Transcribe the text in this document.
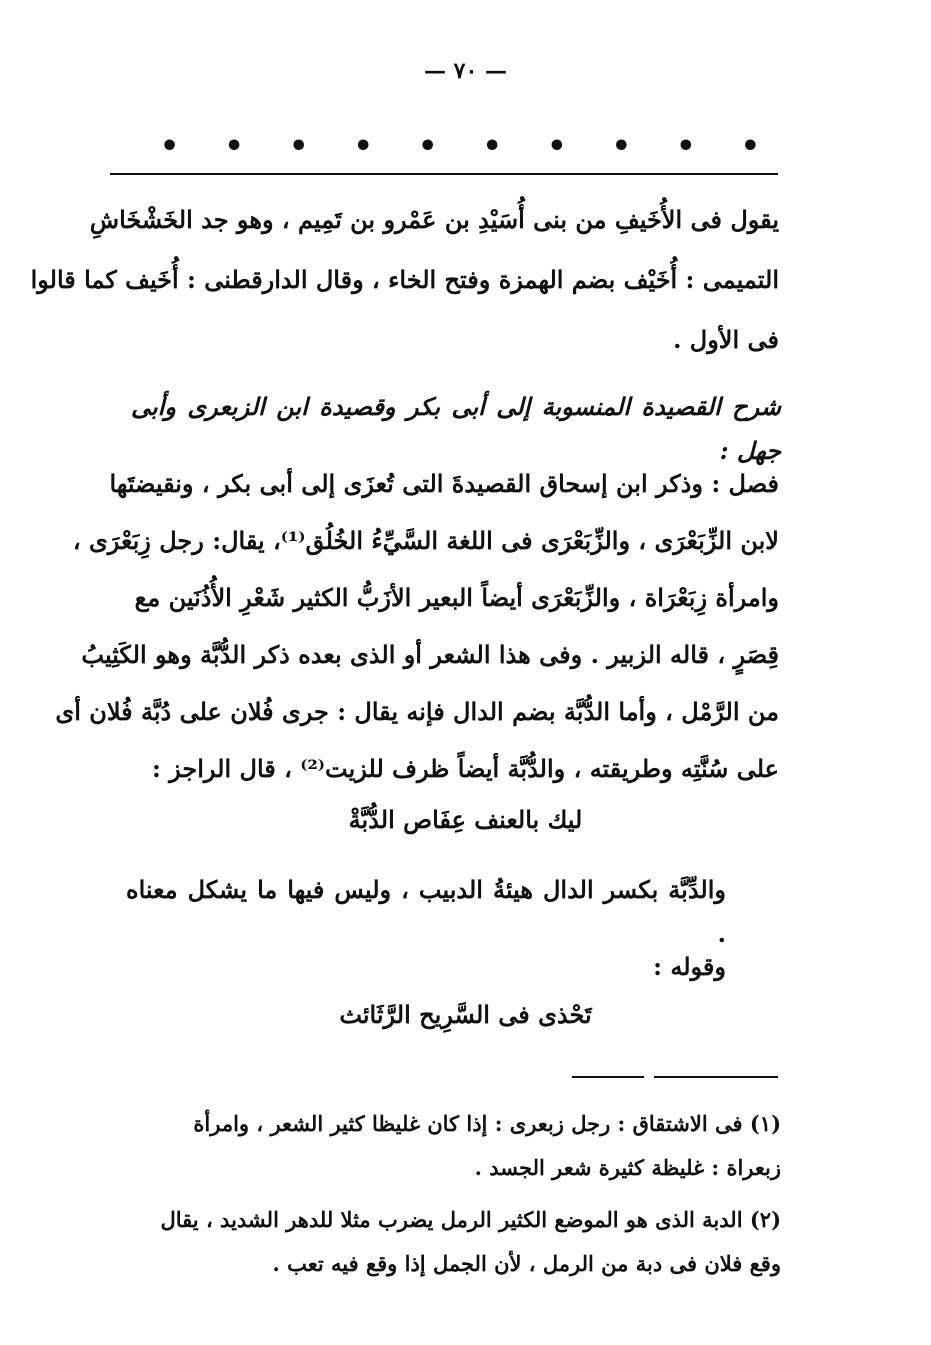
— ٧٠ —
• • • • • • • • • •
يقول فى الأُخَيفِ من بنى أُسَيْدِ بن عَمْرو بن تَمِيم ، وهو جد الخَشْخَاشِ
التميمى : أُخَيْف بضم الهمزة وفتح الخاء ، وقال الدارقطنى : أُخَيف كما قالوا
فى الأول .
شرح القصيدة المنسوبة إلى أبى بكر وقصيدة ابن الزبعرى وأبى جهل :
فصل : وذكر ابن إسحاق القصيدةَ التى تُعزَى إلى أبى بكر ، ونقيضتَها
لابن الزِّبَعْرَى ، والزِّبَعْرَى فى اللغة السَّيِّءُ الخُلُق⁽¹⁾، يقال: رجل زِبَعْرَى ،
وامرأة زِبَعْرَاة ، والزِّبَعْرَى أيضاً البعير الأزَبُّ الكثير شَعْرِ الأُذُنَين مع
قِصَرٍ ، قاله الزبير . وفى هذا الشعر أو الذى بعده ذكر الدُّبَّة وهو الكَثِيبُ
من الرَّمْل ، وأما الدُّبَّة بضم الدال فإنه يقال : جرى فُلان على دُبَّة فُلان أى
على سُنَّتِه وطريقته ، والدُّبَّة أيضاً ظرف للزيت⁽²⁾ ، قال الراجز :
ليك بالعنف عِفَاص الدُّبَّةْ
والدِّبَّة بكسر الدال هيئةُ الدبيب ، وليس فيها ما يشكل معناه .
وقوله :
تَحْذى فى السَّرِيح الرَّثَائث
(١) فى الاشتقاق : رجل زبعرى : إذا كان غليظا كثير الشعر ، وامرأة
زبعراة : غليظة كثيرة شعر الجسد .
(٢) الدبة الذى هو الموضع الكثير الرمل يضرب مثلا للدهر الشديد ، يقال
وقع فلان فى دبة من الرمل ، لأن الجمل إذا وقع فيه تعب .
